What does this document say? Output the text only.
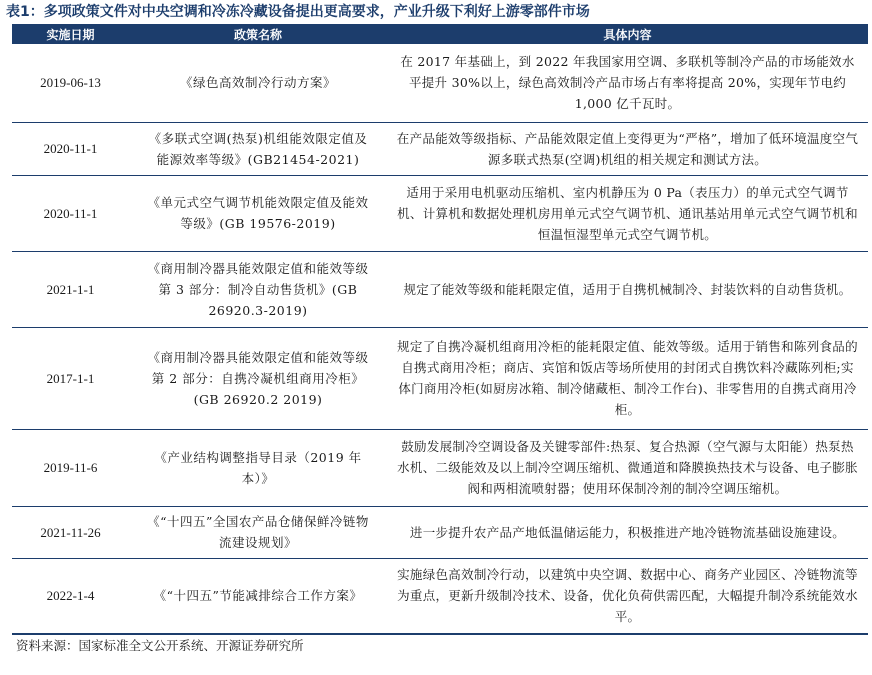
表1：多项政策文件对中央空调和冷冻冷藏设备提出更高要求，产业升级下利好上游零部件市场
实施日期	政策名称	具体内容
2019-06-13	《绿色高效制冷行动方案》	在 2017 年基础上，到 2022 年我国家用空调、多联机等制冷产品的市场能效水平提升 30%以上，绿色高效制冷产品市场占有率将提高 20%，实现年节电约 1,000 亿千瓦时。
2020-11-1	《多联式空调(热泵)机组能效限定值及能源效率等级》(GB21454-2021)	在产品能效等级指标、产品能效限定值上变得更为“严格”，增加了低环境温度空气源多联式热泵(空调)机组的相关规定和测试方法。
2020-11-1	《单元式空气调节机能效限定值及能效等级》(GB 19576-2019)	适用于采用电机驱动压缩机、室内机静压为 0 Pa（表压力）的单元式空气调节机、计算机和数据处理机房用单元式空气调节机、通讯基站用单元式空气调节机和恒温恒湿型单元式空气调节机。
2021-1-1	《商用制冷器具能效限定值和能效等级第 3 部分：制冷自动售货机》(GB 26920.3-2019)	规定了能效等级和能耗限定值，适用于自携机械制冷、封装饮料的自动售货机。
2017-1-1	《商用制冷器具能效限定值和能效等级第 2 部分：自携冷凝机组商用冷柜》(GB 26920.2 2019)	规定了自携冷凝机组商用冷柜的能耗限定值、能效等级。适用于销售和陈列食品的自携式商用冷柜；商店、宾馆和饭店等场所使用的封闭式自携饮料冷藏陈列柜;实体门商用冷柜(如厨房冰箱、制冷储藏柜、制冷工作台)、非零售用的自携式商用冷柜。
2019-11-6	《产业结构调整指导目录（2019 年本）》	鼓励发展制冷空调设备及关键零部件:热泵、复合热源（空气源与太阳能）热泵热水机、二级能效及以上制冷空调压缩机、微通道和降膜换热技术与设备、电子膨胀阀和两相流喷射器；使用环保制冷剂的制冷空调压缩机。
2021-11-26	《“十四五”全国农产品仓储保鲜冷链物流建设规划》	进一步提升农产品产地低温储运能力，积极推进产地冷链物流基础设施建设。
2022-1-4	《“十四五”节能减排综合工作方案》	实施绿色高效制冷行动，以建筑中央空调、数据中心、商务产业园区、冷链物流等为重点，更新升级制冷技术、设备，优化负荷供需匹配，大幅提升制冷系统能效水平。
资料来源：国家标准全文公开系统、开源证券研究所
